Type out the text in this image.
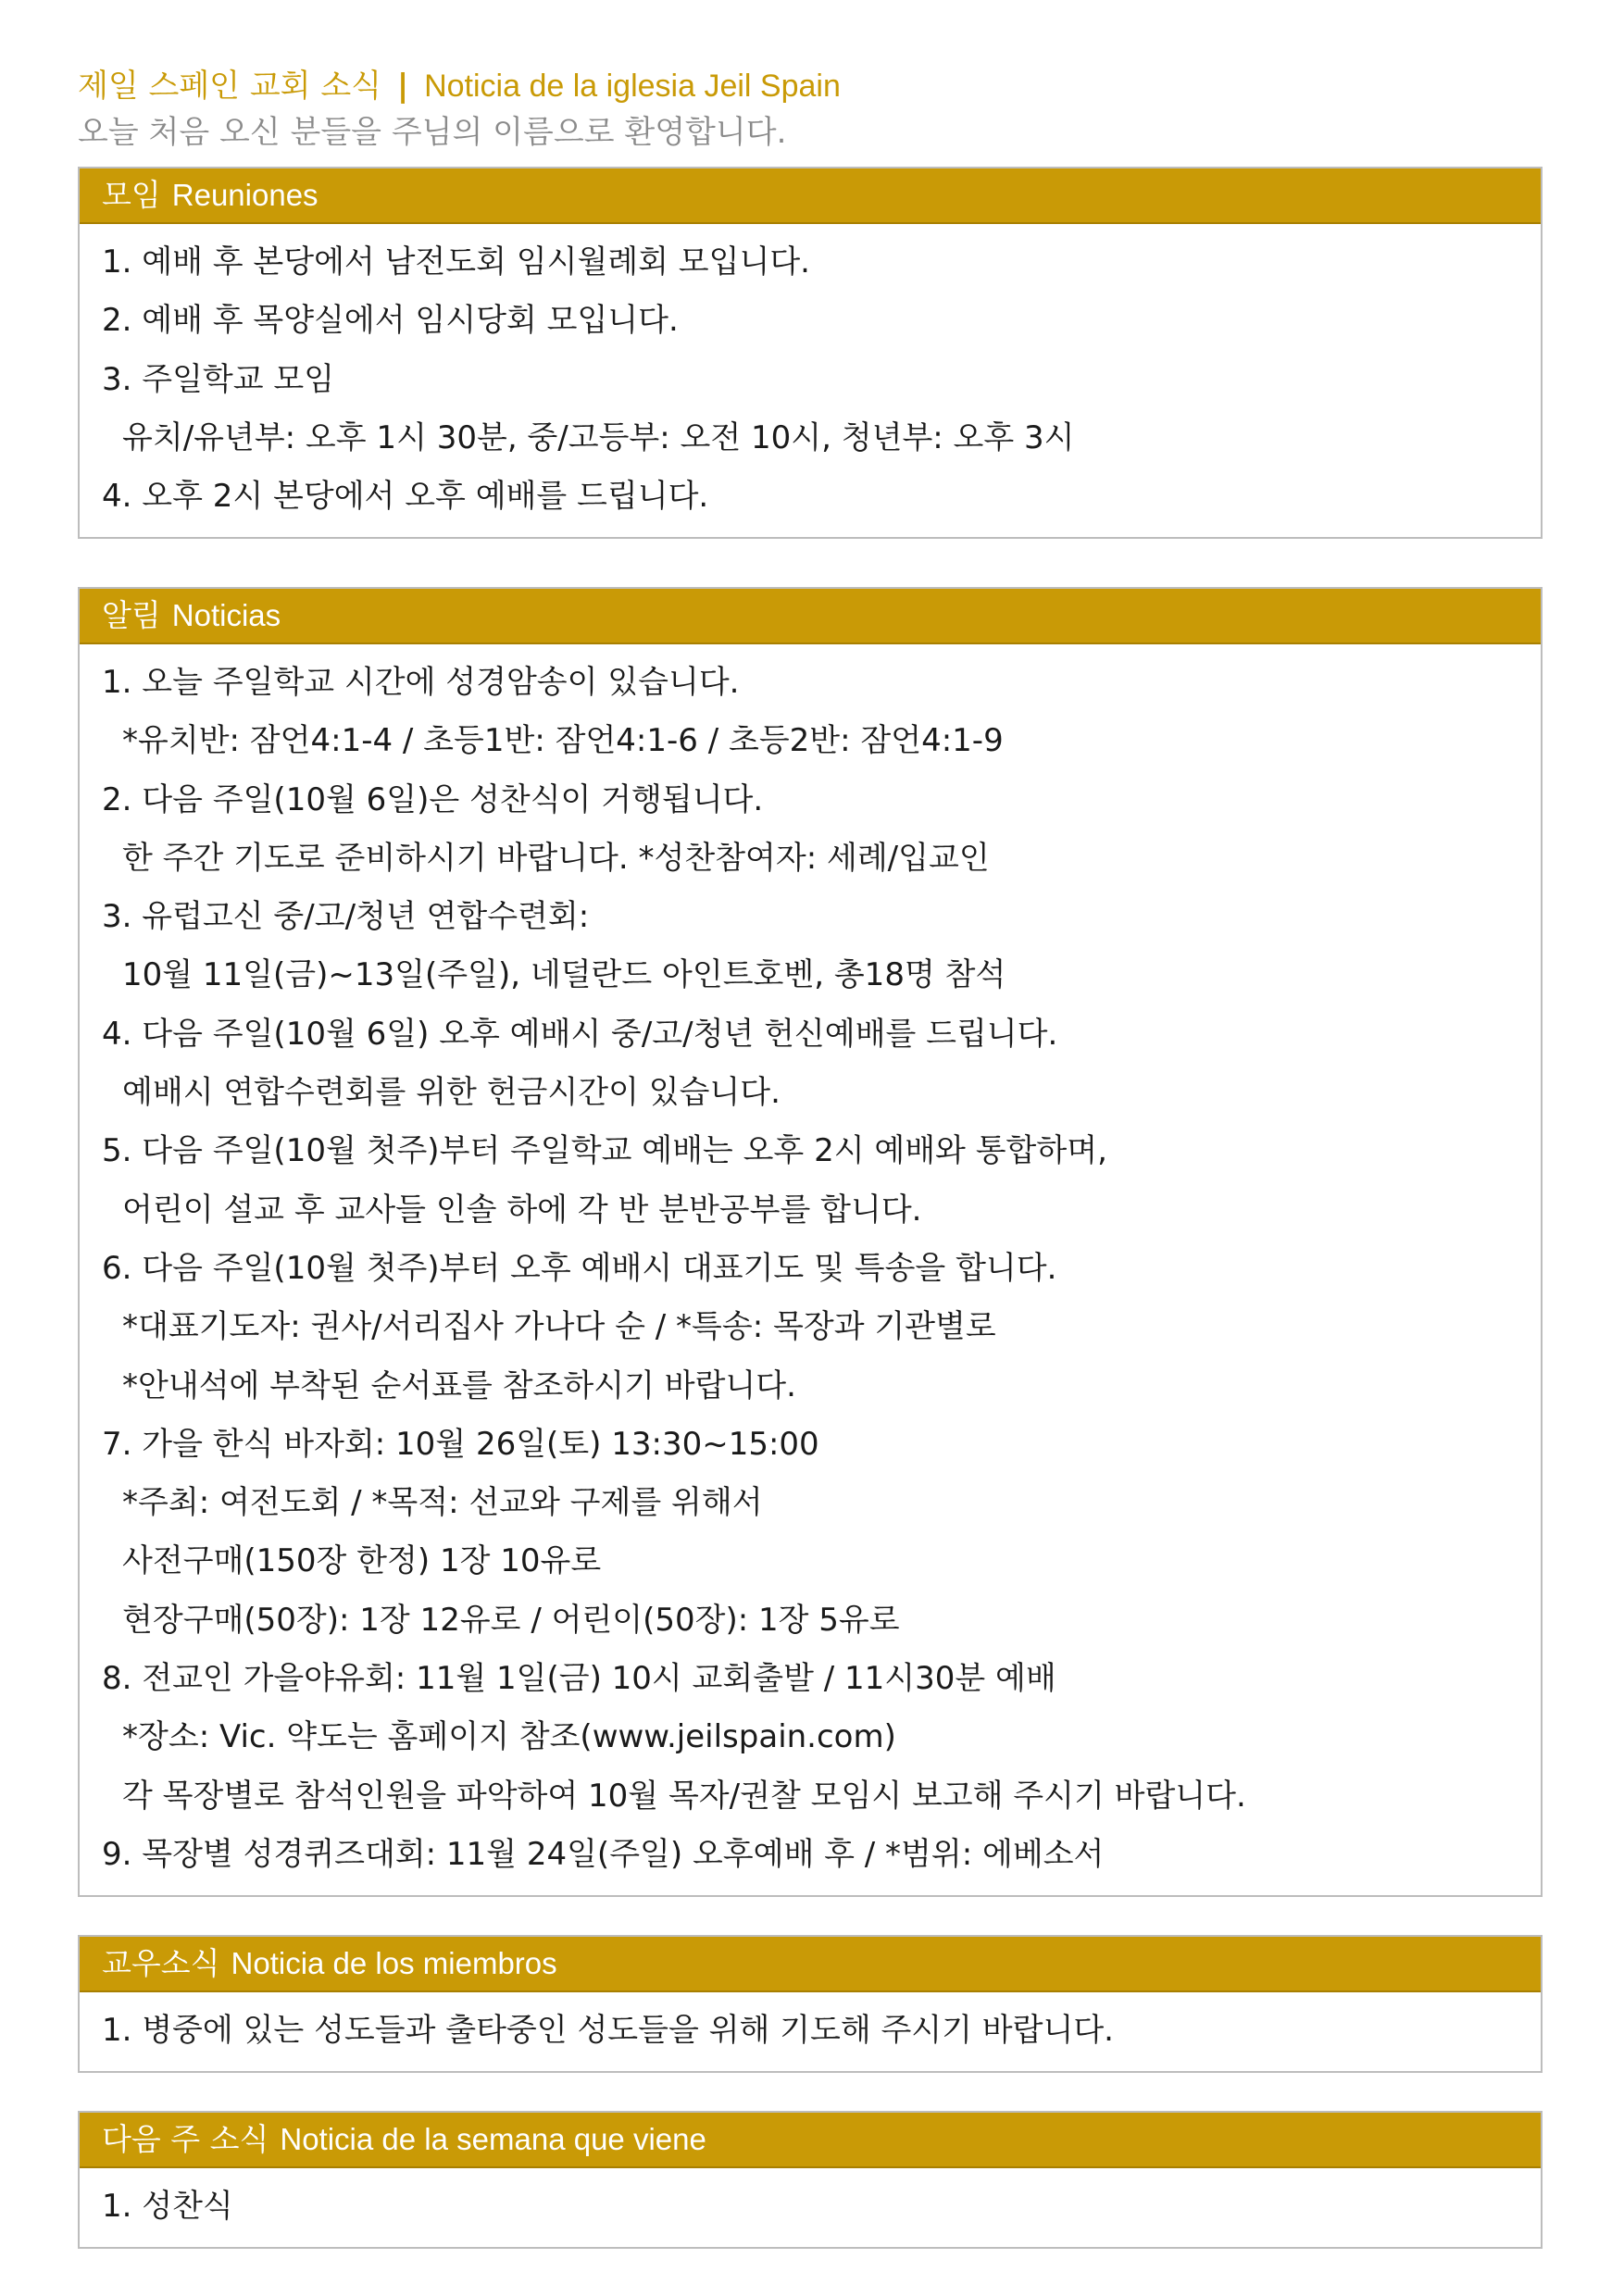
제일 스페인 교회 소식 | Noticia de la iglesia Jeil Spain
오늘 처음 오신 분들을 주님의 이름으로 환영합니다.
모임 Reuniones
1. 예배 후 본당에서 남전도회 임시월례회 모입니다.
2. 예배 후 목양실에서 임시당회 모입니다.
3. 주일학교 모임
유치/유년부: 오후 1시 30분, 중/고등부: 오전 10시, 청년부: 오후 3시
4. 오후 2시 본당에서 오후 예배를 드립니다.
알림 Noticias
1. 오늘 주일학교 시간에 성경암송이 있습니다.
*유치반: 잠언4:1-4 / 초등1반: 잠언4:1-6 / 초등2반: 잠언4:1-9
2. 다음 주일(10월 6일)은 성찬식이 거행됩니다.
한 주간 기도로 준비하시기 바랍니다. *성찬참여자: 세례/입교인
3. 유럽고신 중/고/청년 연합수련회:
10월 11일(금)~13일(주일), 네덜란드 아인트호벤, 총18명 참석
4. 다음 주일(10월 6일) 오후 예배시 중/고/청년 헌신예배를 드립니다.
예배시 연합수련회를 위한 헌금시간이 있습니다.
5. 다음 주일(10월 첫주)부터 주일학교 예배는 오후 2시 예배와 통합하며,
어린이 설교 후 교사들 인솔 하에 각 반 분반공부를 합니다.
6. 다음 주일(10월 첫주)부터 오후 예배시 대표기도 및 특송을 합니다.
*대표기도자: 권사/서리집사 가나다 순 / *특송: 목장과 기관별로
*안내석에 부착된 순서표를 참조하시기 바랍니다.
7. 가을 한식 바자회: 10월 26일(토) 13:30~15:00
*주최: 여전도회 / *목적: 선교와 구제를 위해서
사전구매(150장 한정) 1장 10유로
현장구매(50장): 1장 12유로 / 어린이(50장): 1장 5유로
8. 전교인 가을야유회: 11월 1일(금) 10시 교회출발 / 11시30분 예배
*장소: Vic. 약도는 홈페이지 참조(www.jeilspain.com)
각 목장별로 참석인원을 파악하여 10월 목자/권찰 모임시 보고해 주시기 바랍니다.
9. 목장별 성경퀴즈대회: 11월 24일(주일) 오후예배 후 / *범위: 에베소서
교우소식 Noticia de los miembros
1. 병중에 있는 성도들과 출타중인 성도들을 위해 기도해 주시기 바랍니다.
다음 주 소식 Noticia de la semana que viene
1. 성찬식
